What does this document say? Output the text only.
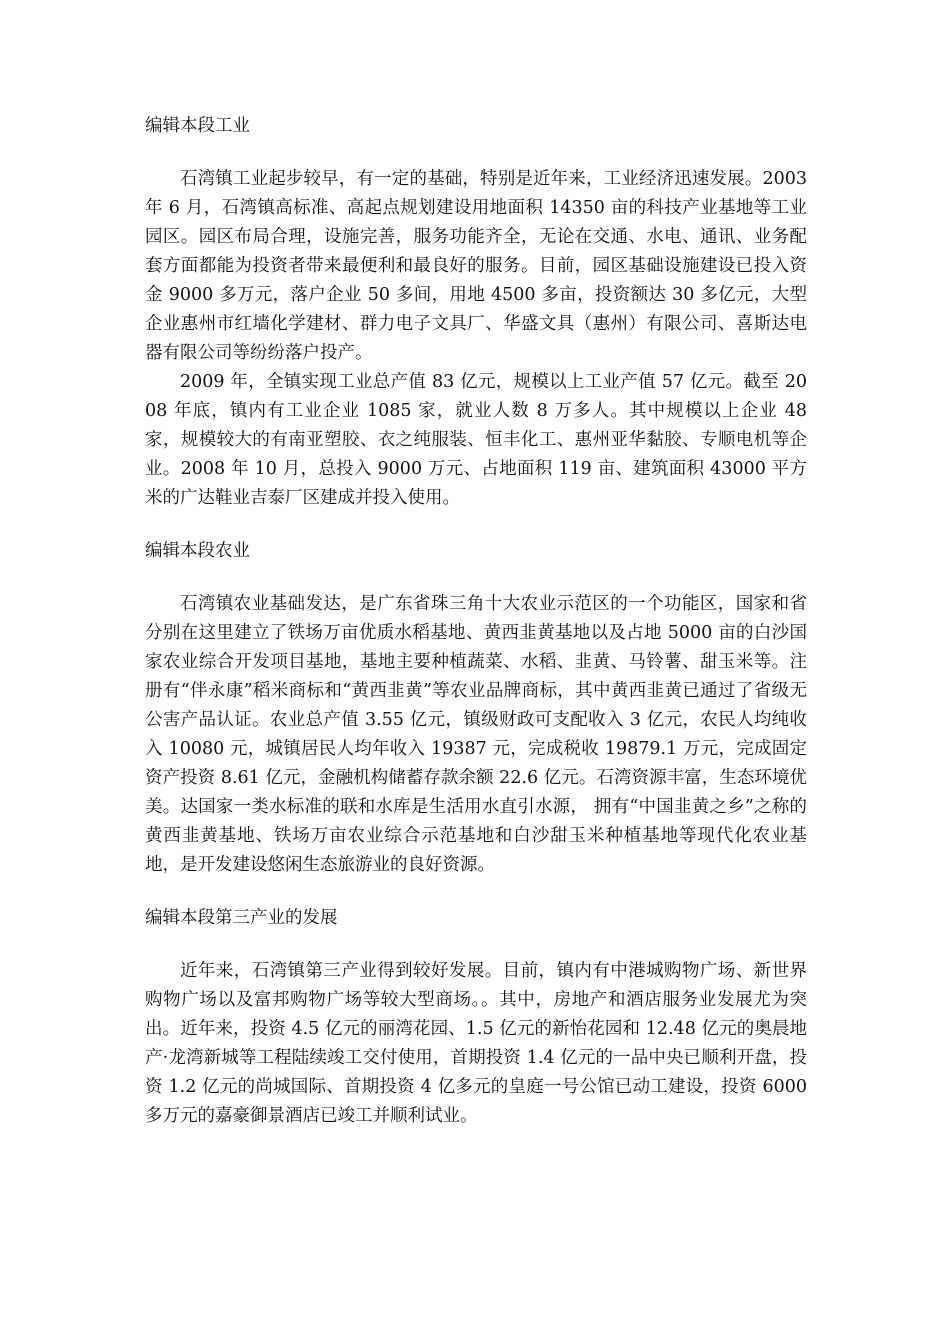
编辑本段工业

石湾镇工业起步较早，有一定的基础，特别是近年来，工业经济迅速发展。2003 年 6 月，石湾镇高标准、高起点规划建设用地面积 14350 亩的科技产业基地等工业园区。园区布局合理，设施完善，服务功能齐全，无论在交通、水电、通讯、业务配套方面都能为投资者带来最便利和最良好的服务。目前，园区基础设施建设已投入资金 9000 多万元，落户企业 50 多间，用地 4500 多亩，投资额达 30 多亿元，大型企业惠州市红墙化学建材、群力电子文具厂、华盛文具（惠州）有限公司、喜斯达电器有限公司等纷纷落户投产。

2009 年，全镇实现工业总产值 83 亿元，规模以上工业产值 57 亿元。截至 2008 年底，镇内有工业企业 1085 家，就业人数 8 万多人。其中规模以上企业 48 家，规模较大的有南亚塑胶、衣之纯服装、恒丰化工、惠州亚华黏胶、专顺电机等企业。2008 年 10 月，总投入 9000 万元、占地面积 119 亩、建筑面积 43000 平方米的广达鞋业吉泰厂区建成并投入使用。

编辑本段农业

石湾镇农业基础发达，是广东省珠三角十大农业示范区的一个功能区，国家和省分别在这里建立了铁场万亩优质水稻基地、黄西韭黄基地以及占地 5000 亩的白沙国家农业综合开发项目基地，基地主要种植蔬菜、水稻、韭黄、马铃薯、甜玉米等。注册有“伴永康”稻米商标和“黄西韭黄”等农业品牌商标，其中黄西韭黄已通过了省级无公害产品认证。农业总产值 3.55 亿元，镇级财政可支配收入 3 亿元，农民人均纯收入 10080 元，城镇居民人均年收入 19387 元，完成税收 19879.1 万元，完成固定资产投资 8.61 亿元，金融机构储蓄存款余额 22.6 亿元。石湾资源丰富，生态环境优美。达国家一类水标准的联和水库是生活用水直引水源， 拥有“中国韭黄之乡”之称的黄西韭黄基地、铁场万亩农业综合示范基地和白沙甜玉米种植基地等现代化农业基地，是开发建设悠闲生态旅游业的良好资源。

编辑本段第三产业的发展

近年来，石湾镇第三产业得到较好发展。目前，镇内有中港城购物广场、新世界购物广场以及富邦购物广场等较大型商场。。其中，房地产和酒店服务业发展尤为突出。近年来，投资 4.5 亿元的丽湾花园、1.5 亿元的新怡花园和 12.48 亿元的奥晨地产·龙湾新城等工程陆续竣工交付使用，首期投资 1.4 亿元的一品中央已顺利开盘，投资 1.2 亿元的尚城国际、首期投资 4 亿多元的皇庭一号公馆已动工建设，投资 6000 多万元的嘉豪御景酒店已竣工并顺利试业。
